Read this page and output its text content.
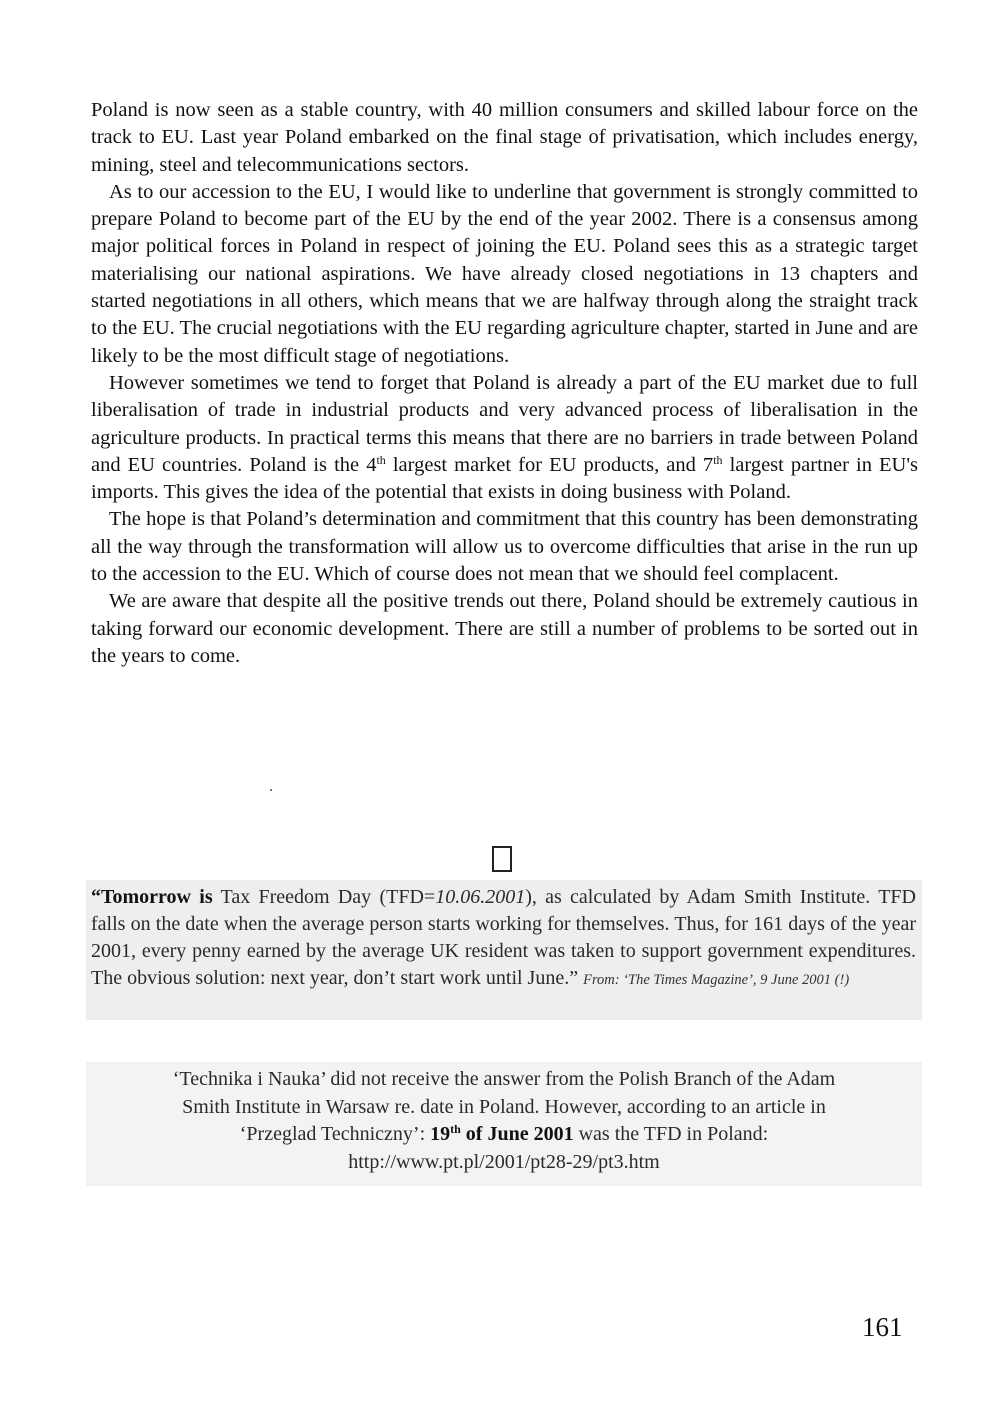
Poland is now seen as a stable country, with 40 million consumers and skilled labour force on the track to EU. Last year Poland embarked on the final stage of privatisation, which includes energy, mining, steel and telecommunications sectors.

As to our accession to the EU, I would like to underline that government is strongly committed to prepare Poland to become part of the EU by the end of the year 2002. There is a consensus among major political forces in Poland in respect of joining the EU. Poland sees this as a strategic target materialising our national aspirations. We have already closed negotiations in 13 chapters and started negotiations in all others, which means that we are halfway through along the straight track to the EU. The crucial negotiations with the EU regarding agriculture chapter, started in June and are likely to be the most difficult stage of negotiations.

However sometimes we tend to forget that Poland is already a part of the EU market due to full liberalisation of trade in industrial products and very advanced process of liberalisation in the agriculture products. In practical terms this means that there are no barriers in trade between Poland and EU countries. Poland is the 4th largest market for EU products, and 7th largest partner in EU's imports. This gives the idea of the potential that exists in doing business with Poland.

The hope is that Poland’s determination and commitment that this country has been demonstrating all the way through the transformation will allow us to overcome difficulties that arise in the run up to the accession to the EU. Which of course does not mean that we should feel complacent.

We are aware that despite all the positive trends out there, Poland should be extremely cautious in taking forward our economic development. There are still a number of problems to be sorted out in the years to come.

“Tomorrow is Tax Freedom Day (TFD=10.06.2001), as calculated by Adam Smith Institute. TFD falls on the date when the average person starts working for themselves. Thus, for 161 days of the year 2001, every penny earned by the average UK resident was taken to support government expenditures. The obvious solution: next year, don’t start work until June.” From: ‘The Times Magazine’, 9 June 2001 (!)
‘Technika i Nauka’ did not receive the answer from the Polish Branch of the Adam
Smith Institute in Warsaw re. date in Poland. However, according to an article in
‘Przeglad Techniczny’: 19th of June 2001 was the TFD in Poland:
http://www.pt.pl/2001/pt28-29/pt3.htm
161
